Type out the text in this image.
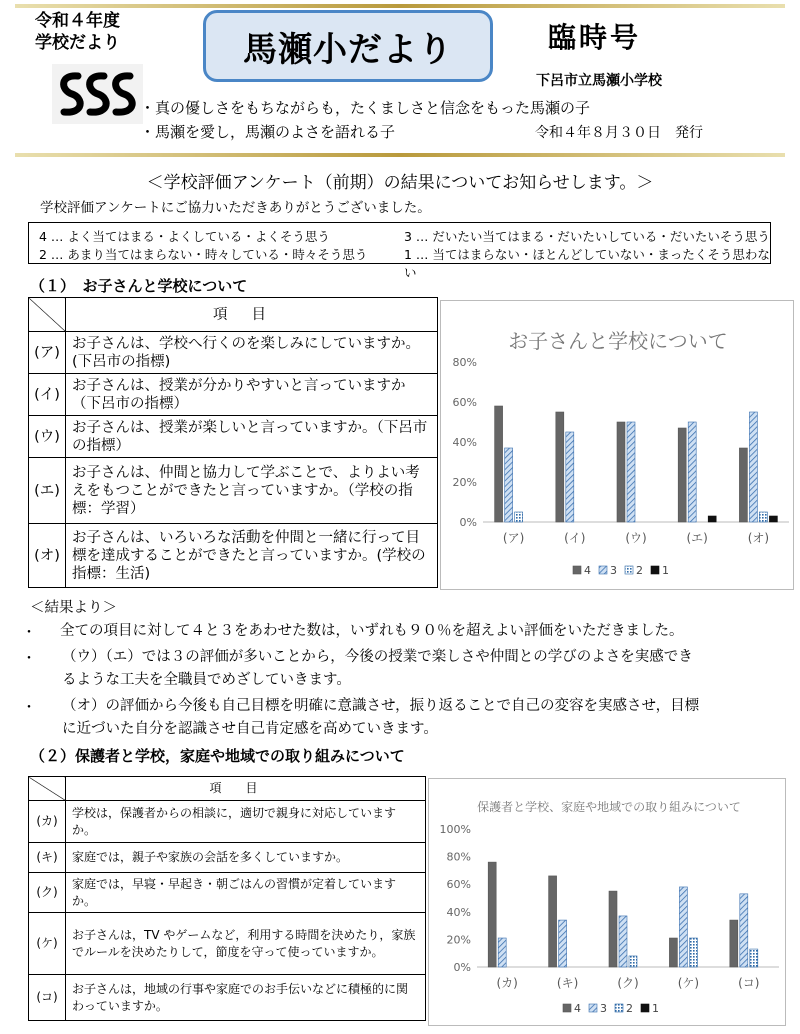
令和４年度
学校だより	馬瀬小だより	臨時号
下呂市立馬瀬小学校
・真の優しさをもちながらも，たくましさと信念をもった馬瀬の子
・馬瀬を愛し，馬瀬のよさを語れる子	令和４年８月３０日　発行
＜学校評価アンケート（前期）の結果についてお知らせします。＞
学校評価アンケートにご協力いただきありがとうございました。
4 … よく当てはまる・よくしている・よくそう思う	3 … だいたい当てはまる・だいたいしている・だいたいそう思う
2 … あまり当てはまらない・時々している・時々そう思う	1 … 当てはまらない・ほとんどしていない・まったくそう思わない
（１）　お子さんと学校について
	項目
(ア)	お子さんは、学校へ行くのを楽しみにしていますか。(下呂市の指標)
(イ)	お子さんは、授業が分かりやすいと言っていますか（下呂市の指標）
(ウ)	お子さんは、授業が楽しいと言っていますか。（下呂市の指標）
(エ)	お子さんは、仲間と協力して学ぶことで、よりよい考えをもつことができたと言っていますか。（学校の指標：学習）
(オ)	お子さんは、いろいろな活動を仲間と一緒に行って目標を達成することができたと言っていますか。(学校の指標：生活)
お子さんと学校について
0%
20%
40%
60%
80%
(ア)	(イ)	(ウ)	(エ)	(オ)
4 3 2 1
＜結果より＞
・ 全ての項目に対して４と３をあわせた数は，いずれも９０％を超えよい評価をいただきました。
・ （ウ）（エ）では３の評価が多いことから，今後の授業で楽しさや仲間との学びのよさを実感でき
るような工夫を全職員でめざしていきます。
・ （オ）の評価から今後も自己目標を明確に意識させ，振り返ることで自己の変容を実感させ，目標
に近づいた自分を認識させ自己肯定感を高めていきます。
（２）保護者と学校，家庭や地域での取り組みについて
	項目
(カ)	学校は，保護者からの相談に，適切で親身に対応していますか。
(キ)	家庭では，親子や家族の会話を多くしていますか。
(ク)	家庭では，早寝・早起き・朝ごはんの習慣が定着していますか。
(ケ)	お子さんは，TV やゲームなど，利用する時間を決めたり，家族でルールを決めたりして，節度を守って使っていますか。
(コ)	お子さんは，地域の行事や家庭でのお手伝いなどに積極的に関わっていますか。
保護者と学校、家庭や地域での取り組みについて
0%
20%
40%
60%
80%
100%
(カ)	(キ)	(ク)	(ケ)	(コ)
4 3 2 1
